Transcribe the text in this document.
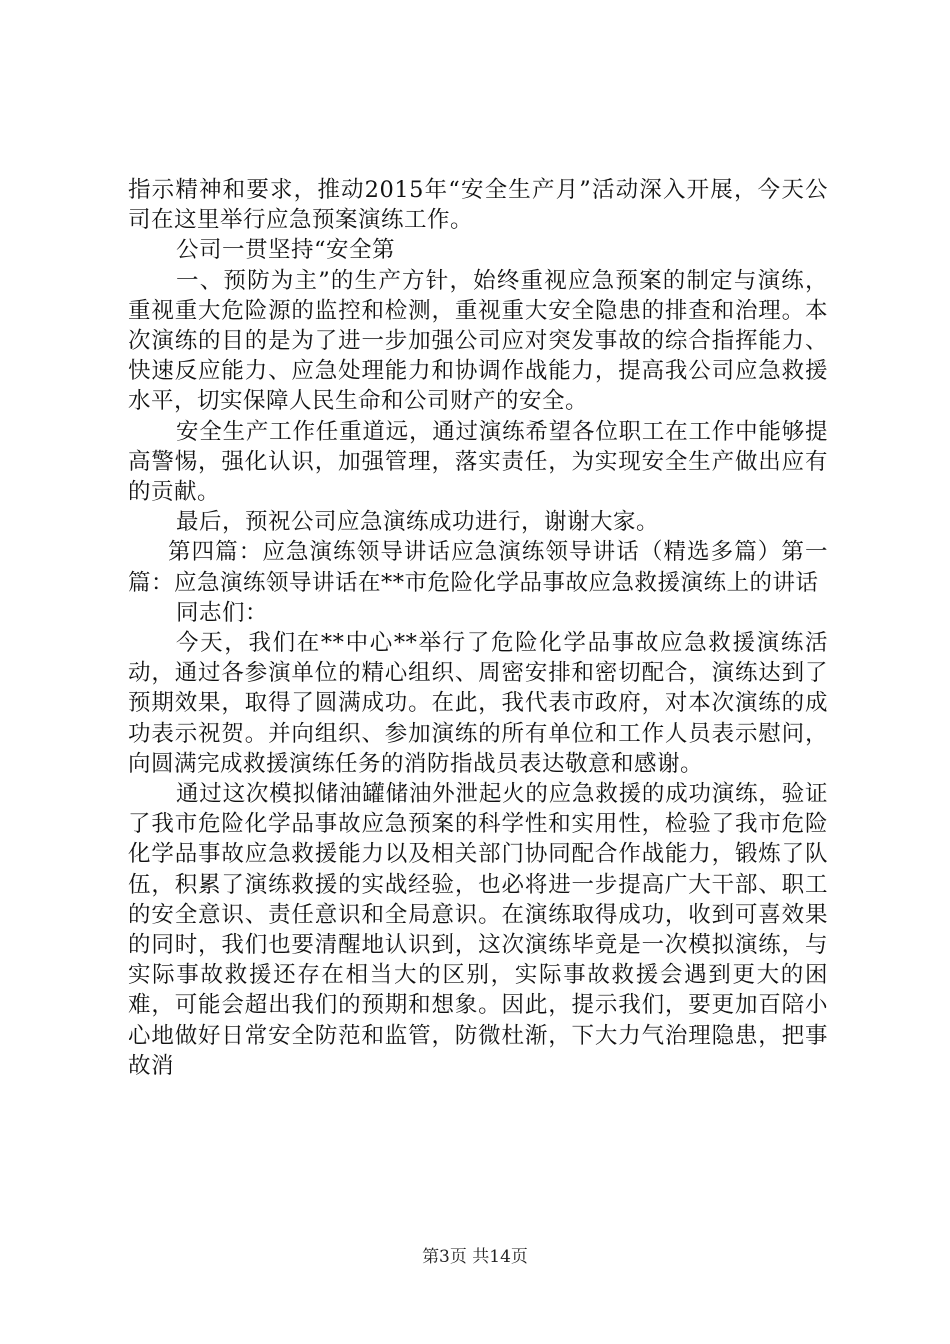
指示精神和要求，推动2015年“安全生产月”活动深入开展，今天公司在这里举行应急预案演练工作。

公司一贯坚持“安全第

一、预防为主”的生产方针，始终重视应急预案的制定与演练，重视重大危险源的监控和检测，重视重大安全隐患的排查和治理。本次演练的目的是为了进一步加强公司应对突发事故的综合指挥能力、快速反应能力、应急处理能力和协调作战能力，提高我公司应急救援水平，切实保障人民生命和公司财产的安全。

安全生产工作任重道远，通过演练希望各位职工在工作中能够提高警惕，强化认识，加强管理，落实责任，为实现安全生产做出应有的贡献。

最后，预祝公司应急演练成功进行，谢谢大家。

第四篇：应急演练领导讲话应急演练领导讲话（精选多篇）第一篇：应急演练领导讲话在**市危险化学品事故应急救援演练上的讲话

同志们：

今天，我们在**中心**举行了危险化学品事故应急救援演练活动，通过各参演单位的精心组织、周密安排和密切配合，演练达到了预期效果，取得了圆满成功。在此，我代表市政府，对本次演练的成功表示祝贺。并向组织、参加演练的所有单位和工作人员表示慰问，向圆满完成救援演练任务的消防指战员表达敬意和感谢。

通过这次模拟储油罐储油外泄起火的应急救援的成功演练，验证了我市危险化学品事故应急预案的科学性和实用性，检验了我市危险化学品事故应急救援能力以及相关部门协同配合作战能力，锻炼了队伍，积累了演练救援的实战经验，也必将进一步提高广大干部、职工的安全意识、责任意识和全局意识。在演练取得成功，收到可喜效果的同时，我们也要清醒地认识到，这次演练毕竟是一次模拟演练，与实际事故救援还存在相当大的区别，实际事故救援会遇到更大的困难，可能会超出我们的预期和想象。因此，提示我们，要更加百陪小心地做好日常安全防范和监管，防微杜渐，下大力气治理隐患，把事故消

第3页 共14页
